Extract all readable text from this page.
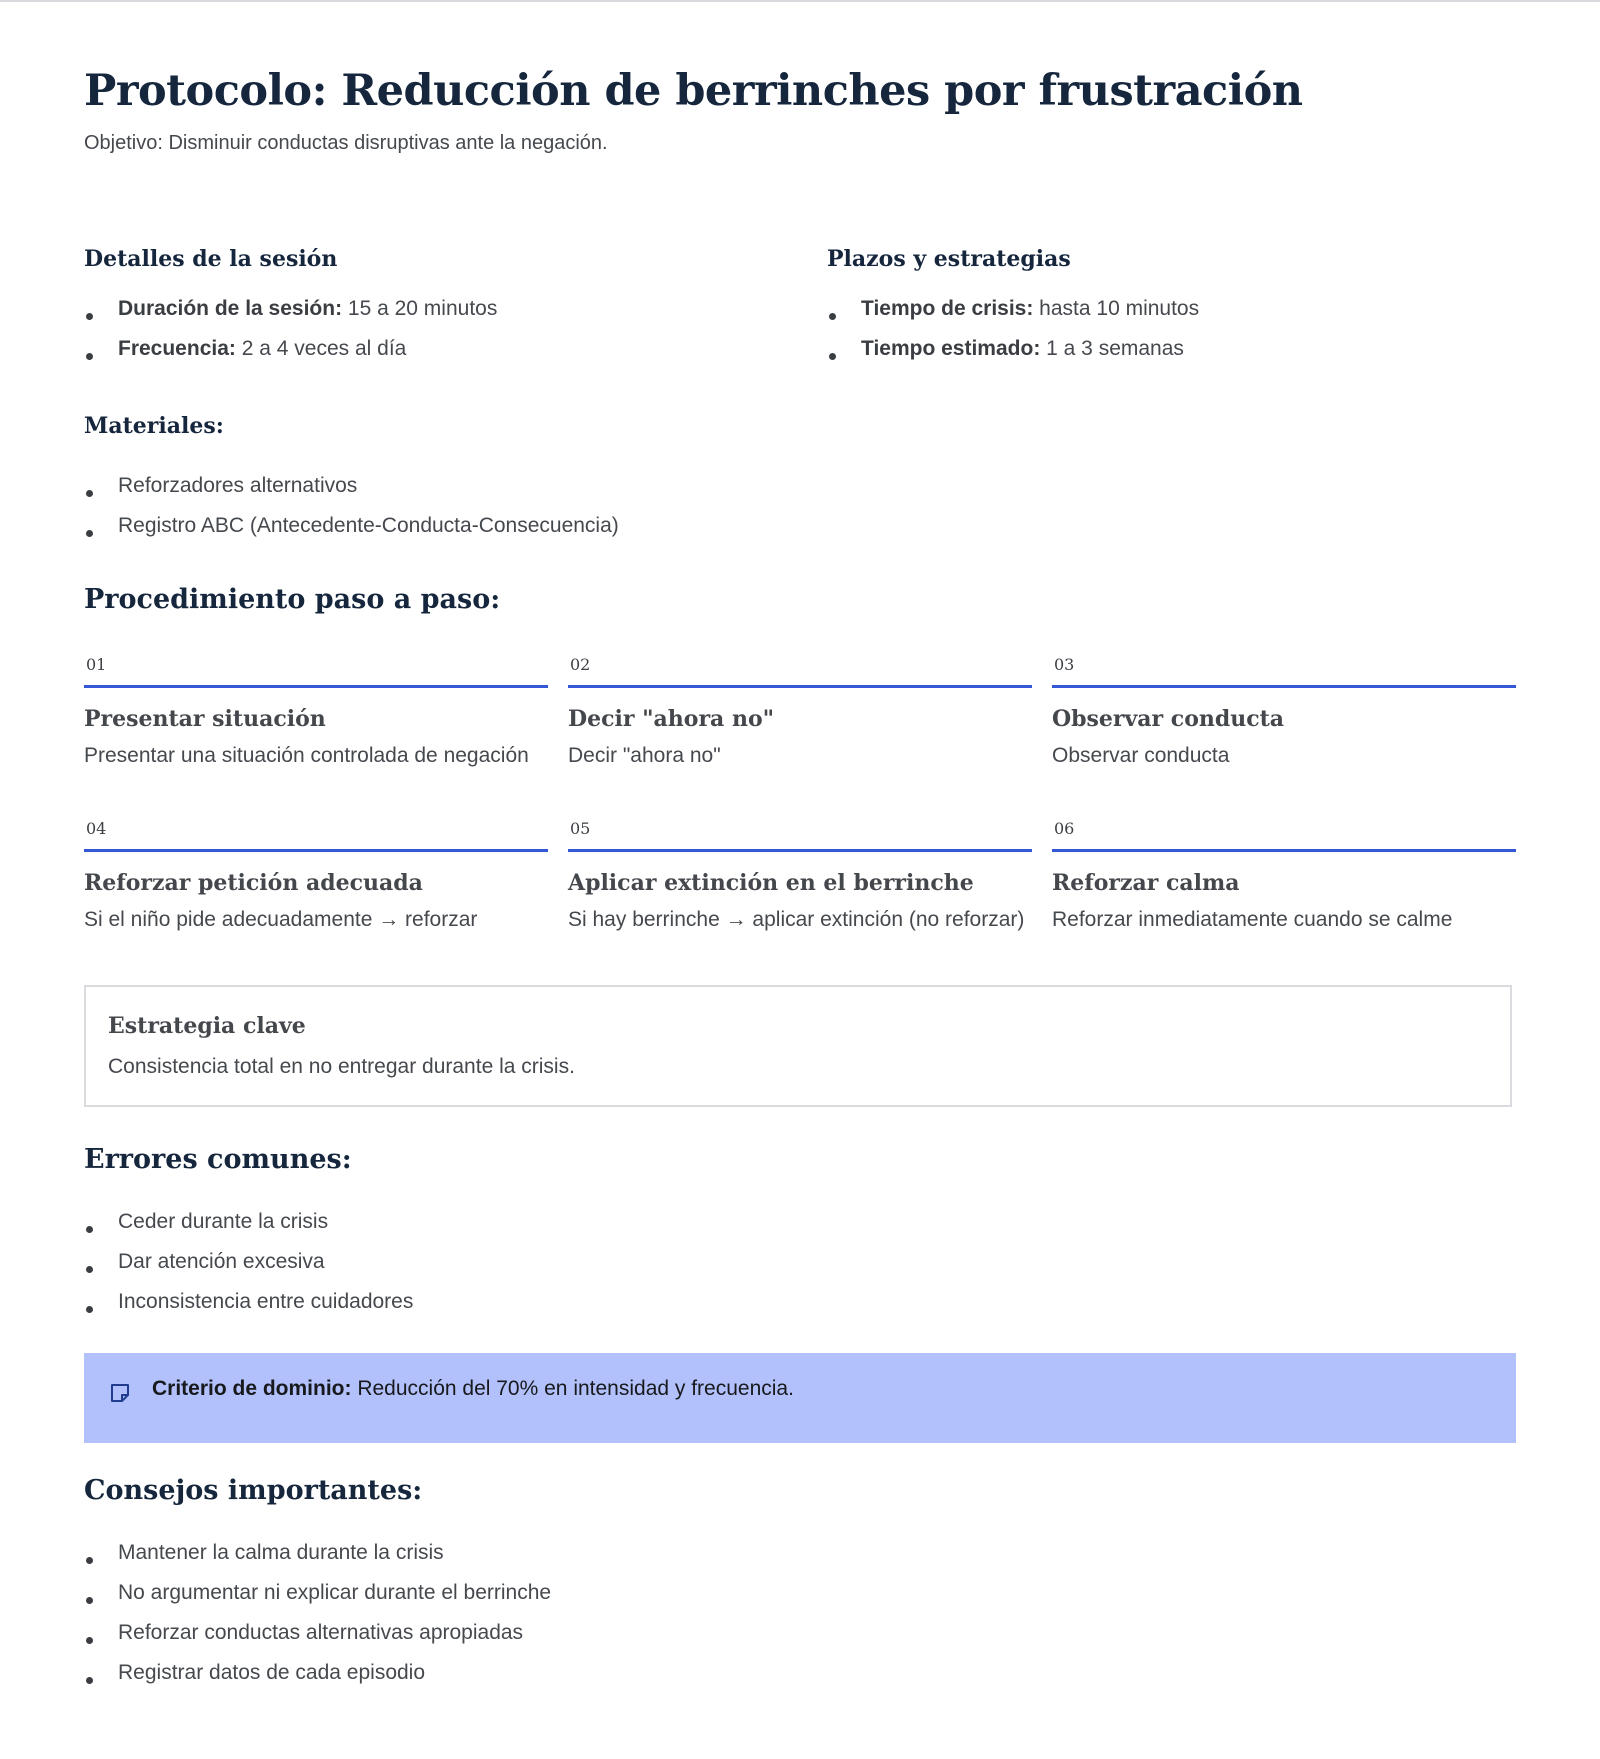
Protocolo: Reducción de berrinches por frustración
Objetivo: Disminuir conductas disruptivas ante la negación.
Detalles de la sesión
Duración de la sesión: 15 a 20 minutos
Frecuencia: 2 a 4 veces al día
Plazos y estrategias
Tiempo de crisis: hasta 10 minutos
Tiempo estimado: 1 a 3 semanas
Materiales:
Reforzadores alternativos
Registro ABC (Antecedente-Conducta-Consecuencia)
Procedimiento paso a paso:
01
Presentar situación
Presentar una situación controlada de negación
02
Decir "ahora no"
Decir "ahora no"
03
Observar conducta
Observar conducta
04
Reforzar petición adecuada
Si el niño pide adecuadamente → reforzar
05
Aplicar extinción en el berrinche
Si hay berrinche → aplicar extinción (no reforzar)
06
Reforzar calma
Reforzar inmediatamente cuando se calme
Estrategia clave
Consistencia total en no entregar durante la crisis.
Errores comunes:
Ceder durante la crisis
Dar atención excesiva
Inconsistencia entre cuidadores
Criterio de dominio: Reducción del 70% en intensidad y frecuencia.
Consejos importantes:
Mantener la calma durante la crisis
No argumentar ni explicar durante el berrinche
Reforzar conductas alternativas apropiadas
Registrar datos de cada episodio
